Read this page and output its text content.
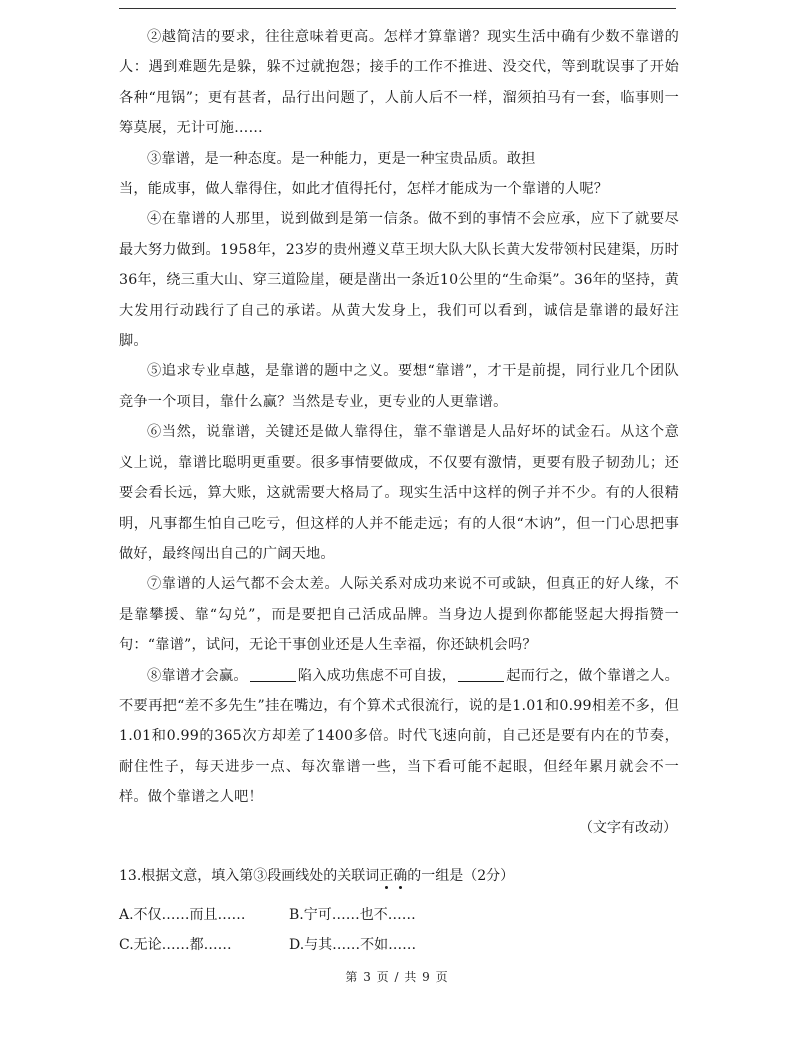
②越简洁的要求，往往意味着更高。怎样才算靠谱？现实生活中确有少数不靠谱的人：遇到难题先是躲，躲不过就抱怨；接手的工作不推进、没交代，等到耽误事了开始各种“甩锅”；更有甚者，品行出问题了，人前人后不一样，溜须拍马有一套，临事则一筹莫展，无计可施……

③靠谱，是一种态度。是一种能力，更是一种宝贵品质。敢担

当，能成事，做人靠得住，如此才值得托付，怎样才能成为一个靠谱的人呢？

④在靠谱的人那里，说到做到是第一信条。做不到的事情不会应承，应下了就要尽最大努力做到。1958年，23岁的贵州遵义草王坝大队大队长黄大发带领村民建渠，历时36年，绕三重大山、穿三道险崖，硬是凿出一条近10公里的“生命渠”。36年的坚持，黄大发用行动践行了自己的承诺。从黄大发身上，我们可以看到，诚信是靠谱的最好注脚。

⑤追求专业卓越，是靠谱的题中之义。要想“靠谱”，才干是前提，同行业几个团队竞争一个项目，靠什么赢？当然是专业，更专业的人更靠谱。

⑥当然，说靠谱，关键还是做人靠得住，靠不靠谱是人品好坏的试金石。从这个意义上说，靠谱比聪明更重要。很多事情要做成，不仅要有激情，更要有股子韧劲儿；还要会看长远，算大账，这就需要大格局了。现实生活中这样的例子并不少。有的人很精明，凡事都生怕自己吃亏，但这样的人并不能走远；有的人很“木讷”，但一门心思把事做好，最终闯出自己的广阔天地。

⑦靠谱的人运气都不会太差。人际关系对成功来说不可或缺，但真正的好人缘，不是靠攀援、靠“勾兑”，而是要把自己活成品牌。当身边人提到你都能竖起大拇指赞一句：“靠谱”，试问，无论干事创业还是人生幸福，你还缺机会吗？

⑧靠谱才会赢。	陷入成功焦虑不可自拔，	起而行之，做个靠谱之人。不要再把“差不多先生”挂在嘴边，有个算术式很流行，说的是1.01和0.99相差不多，但1.01和0.99的365次方却差了1400多倍。时代飞速向前，自己还是要有内在的节奏，耐住性子，每天进步一点、每次靠谱一些，当下看可能不起眼，但经年累月就会不一样。做个靠谱之人吧！

（文字有改动）

13.根据文意，填入第③段画线处的关联词正确的一组是（2分）

A.不仅……而且……	B.宁可……也不……
C.无论……都……	D.与其……不如……
第 3 页 / 共 9 页
